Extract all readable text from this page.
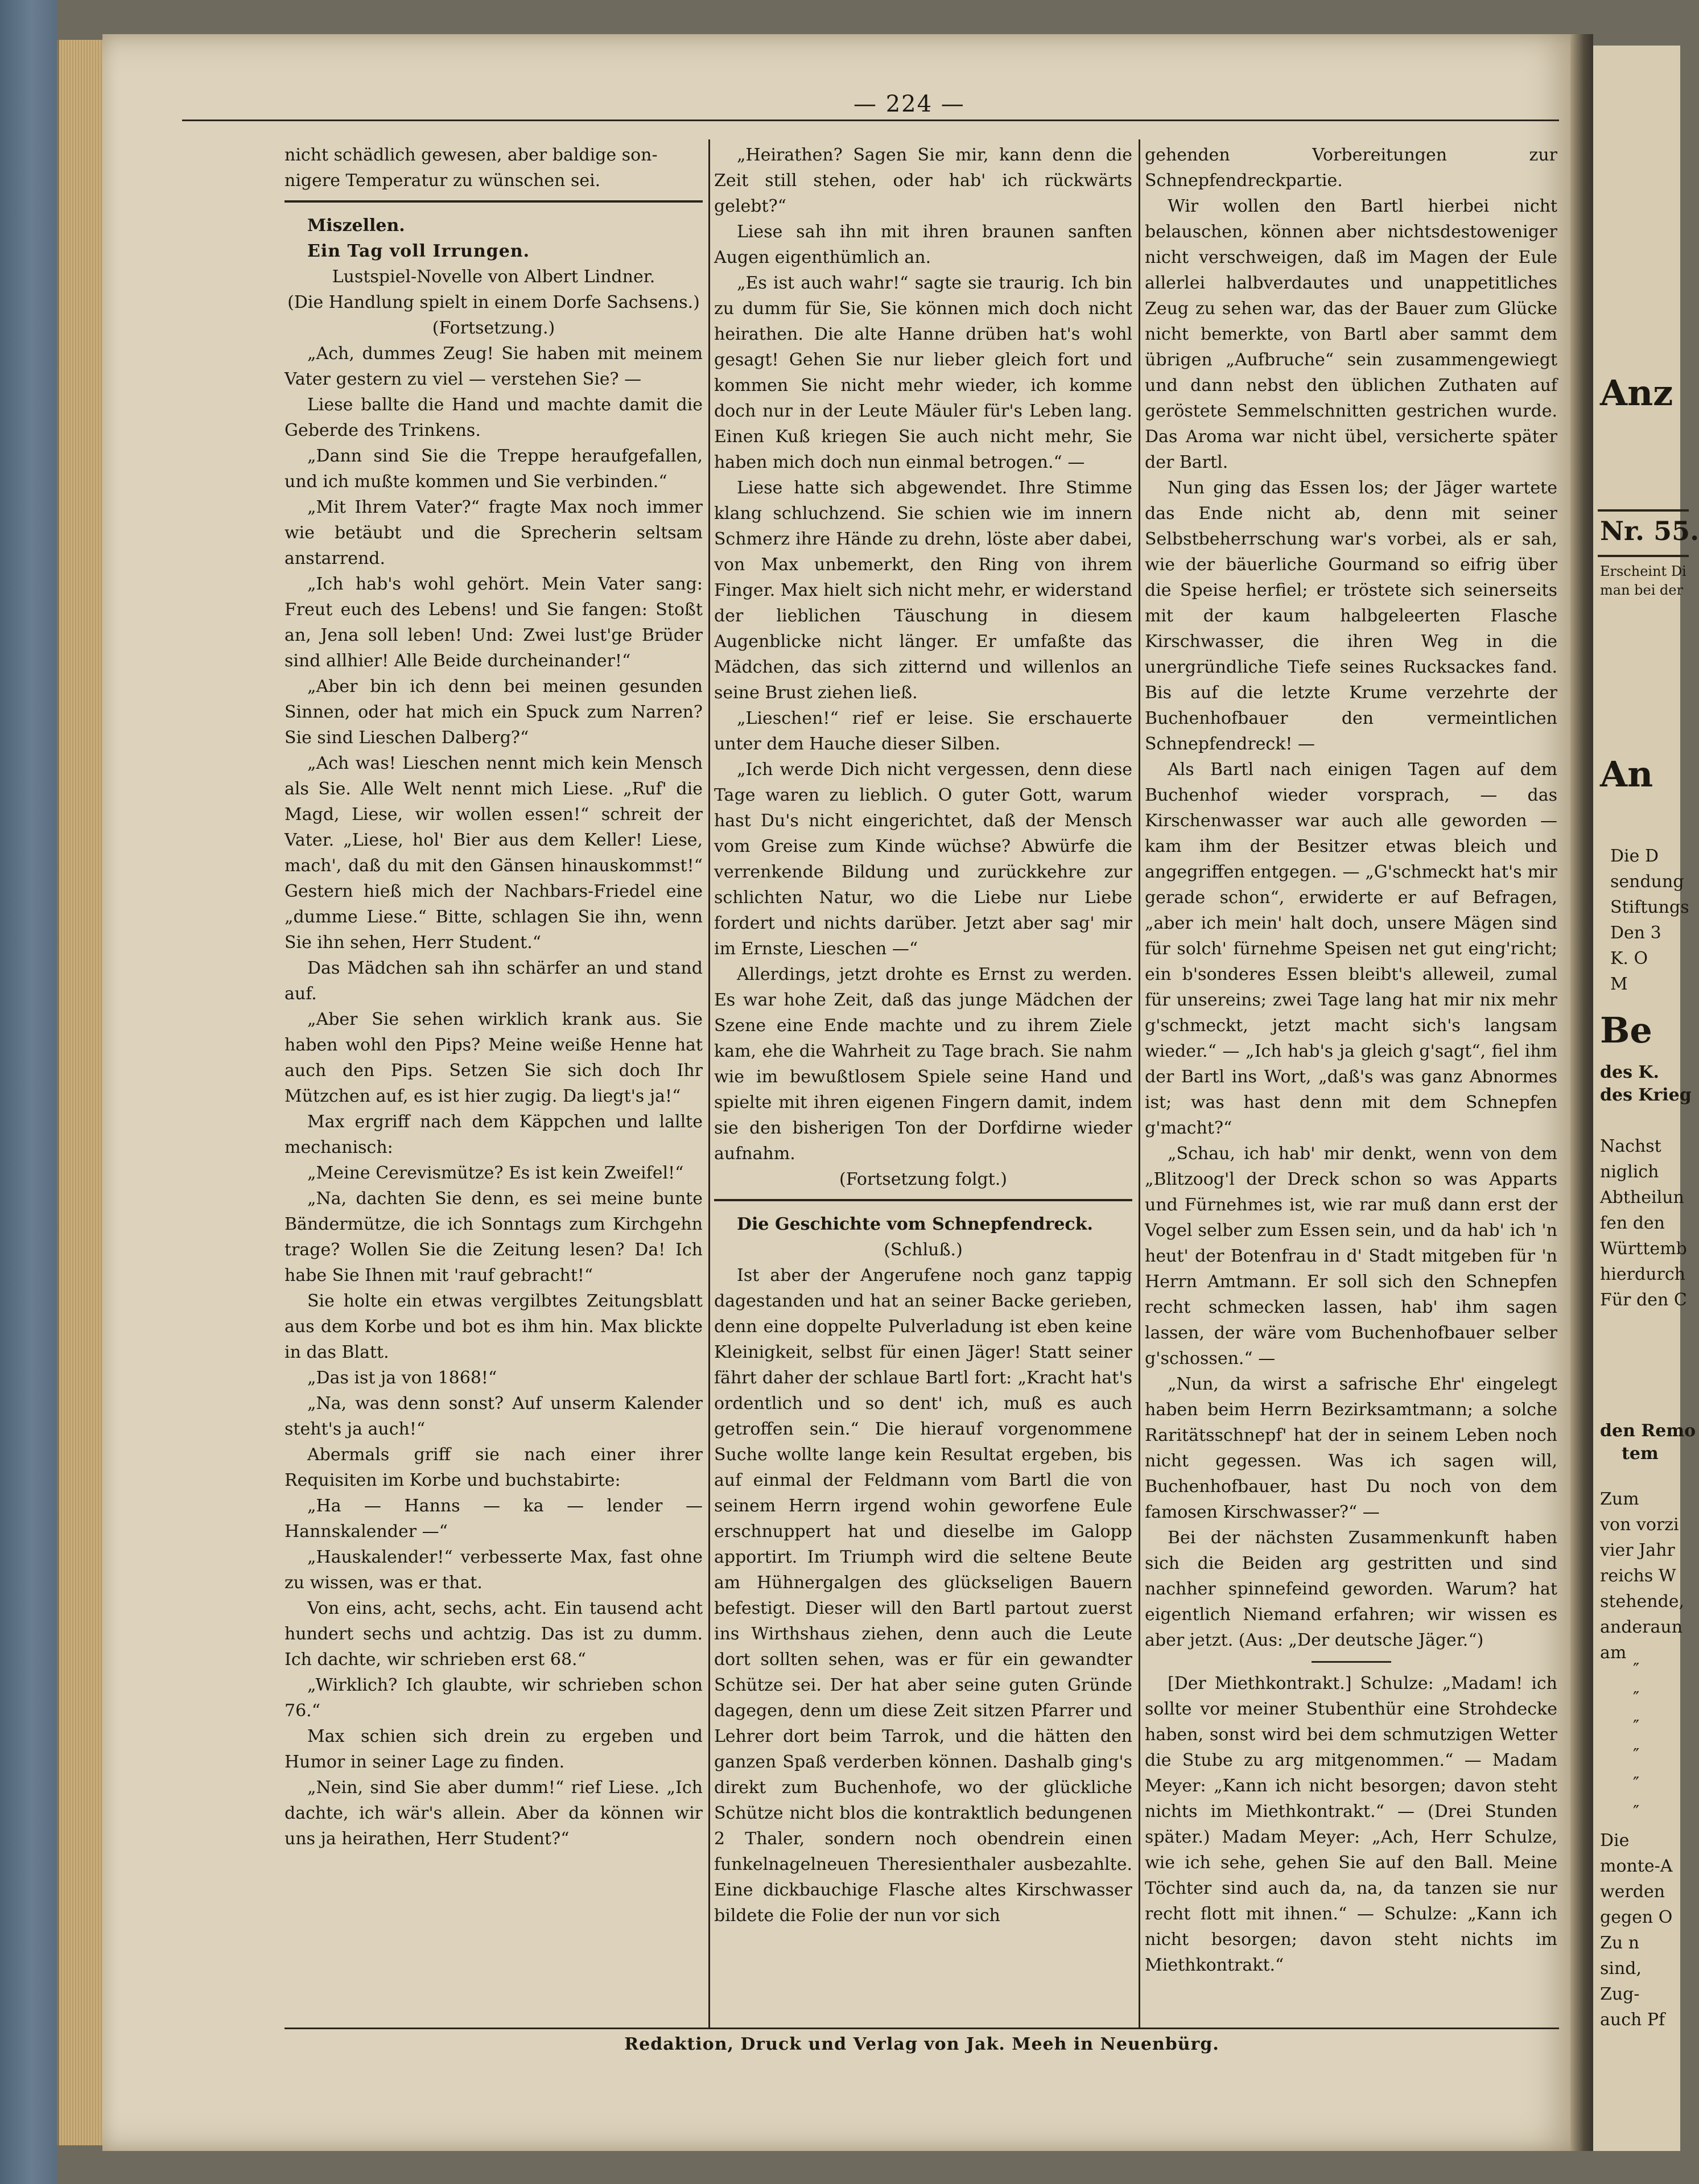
— 224 —

nicht schädlich gewesen, aber baldige son-

nigere Temperatur zu wünschen sei.

Miszellen.

Ein Tag voll Irrungen.

Lustspiel-Novelle von Albert Lindner.

(Die Handlung spielt in einem Dorfe Sachsens.)

(Fortsetzung.)

„Ach, dummes Zeug! Sie haben mit meinem Vater gestern zu viel — verstehen Sie? —

Liese ballte die Hand und machte damit die Geberde des Trinkens.

„Dann sind Sie die Treppe heraufgefallen, und ich mußte kommen und Sie verbinden.“

„Mit Ihrem Vater?“ fragte Max noch immer wie betäubt und die Sprecherin seltsam anstarrend.

„Ich hab's wohl gehört. Mein Vater sang: Freut euch des Lebens! und Sie fangen: Stoßt an, Jena soll leben! Und: Zwei lust'ge Brüder sind allhier! Alle Beide durcheinander!“

„Aber bin ich denn bei meinen gesunden Sinnen, oder hat mich ein Spuck zum Narren? Sie sind Lieschen Dalberg?“

„Ach was! Lieschen nennt mich kein Mensch als Sie. Alle Welt nennt mich Liese. „Ruf' die Magd, Liese, wir wollen essen!“ schreit der Vater. „Liese, hol' Bier aus dem Keller! Liese, mach', daß du mit den Gänsen hinauskommst!“ Gestern hieß mich der Nachbars-Friedel eine „dumme Liese.“ Bitte, schlagen Sie ihn, wenn Sie ihn sehen, Herr Student.“

Das Mädchen sah ihn schärfer an und stand auf.

„Aber Sie sehen wirklich krank aus. Sie haben wohl den Pips? Meine weiße Henne hat auch den Pips. Setzen Sie sich doch Ihr Mützchen auf, es ist hier zugig. Da liegt's ja!“

Max ergriff nach dem Käppchen und lallte mechanisch:

„Meine Cerevismütze? Es ist kein Zweifel!“

„Na, dachten Sie denn, es sei meine bunte Bändermütze, die ich Sonntags zum Kirchgehn trage? Wollen Sie die Zeitung lesen? Da! Ich habe Sie Ihnen mit 'rauf gebracht!“

Sie holte ein etwas vergilbtes Zeitungsblatt aus dem Korbe und bot es ihm hin. Max blickte in das Blatt.

„Das ist ja von 1868!“

„Na, was denn sonst? Auf unserm Kalender steht's ja auch!“

Abermals griff sie nach einer ihrer Requisiten im Korbe und buchstabirte:

„Ha — Hanns — ka — lender — Hannskalender —“

„Hauskalender!“ verbesserte Max, fast ohne zu wissen, was er that.

Von eins, acht, sechs, acht. Ein tausend acht hundert sechs und achtzig. Das ist zu dumm. Ich dachte, wir schrieben erst 68.“

„Wirklich? Ich glaubte, wir schrieben schon 76.“

Max schien sich drein zu ergeben und Humor in seiner Lage zu finden.

„Nein, sind Sie aber dumm!“ rief Liese. „Ich dachte, ich wär's allein. Aber da können wir uns ja heirathen, Herr Student?“

„Heirathen? Sagen Sie mir, kann denn die Zeit still stehen, oder hab' ich rückwärts gelebt?“

Liese sah ihn mit ihren braunen sanften Augen eigenthümlich an.

„Es ist auch wahr!“ sagte sie traurig. Ich bin zu dumm für Sie, Sie können mich doch nicht heirathen. Die alte Hanne drüben hat's wohl gesagt! Gehen Sie nur lieber gleich fort und kommen Sie nicht mehr wieder, ich komme doch nur in der Leute Mäuler für's Leben lang. Einen Kuß kriegen Sie auch nicht mehr, Sie haben mich doch nun einmal betrogen.“ —

Liese hatte sich abgewendet. Ihre Stimme klang schluchzend. Sie schien wie im innern Schmerz ihre Hände zu drehn, löste aber dabei, von Max unbemerkt, den Ring von ihrem Finger. Max hielt sich nicht mehr, er widerstand der lieblichen Täuschung in diesem Augenblicke nicht länger. Er umfaßte das Mädchen, das sich zitternd und willenlos an seine Brust ziehen ließ.

„Lieschen!“ rief er leise. Sie erschauerte unter dem Hauche dieser Silben.

„Ich werde Dich nicht vergessen, denn diese Tage waren zu lieblich. O guter Gott, warum hast Du's nicht eingerichtet, daß der Mensch vom Greise zum Kinde wüchse? Abwürfe die verrenkende Bildung und zurückkehre zur schlichten Natur, wo die Liebe nur Liebe fordert und nichts darüber. Jetzt aber sag' mir im Ernste, Lieschen —“

Allerdings, jetzt drohte es Ernst zu werden. Es war hohe Zeit, daß das junge Mädchen der Szene eine Ende machte und zu ihrem Ziele kam, ehe die Wahrheit zu Tage brach. Sie nahm wie im bewußtlosem Spiele seine Hand und spielte mit ihren eigenen Fingern damit, indem sie den bisherigen Ton der Dorfdirne wieder aufnahm.

(Fortsetzung folgt.)

Die Geschichte vom Schnepfendreck.

(Schluß.)

Ist aber der Angerufene noch ganz tappig dagestanden und hat an seiner Backe gerieben, denn eine doppelte Pulverladung ist eben keine Kleinigkeit, selbst für einen Jäger! Statt seiner fährt daher der schlaue Bartl fort: „Kracht hat's ordentlich und so dent' ich, muß es auch getroffen sein.“ Die hierauf vorgenommene Suche wollte lange kein Resultat ergeben, bis auf einmal der Feldmann vom Bartl die von seinem Herrn irgend wohin geworfene Eule erschnuppert hat und dieselbe im Galopp apportirt. Im Triumph wird die seltene Beute am Hühnergalgen des glückseligen Bauern befestigt. Dieser will den Bartl partout zuerst ins Wirthshaus ziehen, denn auch die Leute dort sollten sehen, was er für ein gewandter Schütze sei. Der hat aber seine guten Gründe dagegen, denn um diese Zeit sitzen Pfarrer und Lehrer dort beim Tarrok, und die hätten den ganzen Spaß verderben können. Dashalb ging's direkt zum Buchenhofe, wo der glückliche Schütze nicht blos die kontraktlich bedungenen 2 Thaler, sondern noch obendrein einen funkelnagelneuen Theresienthaler ausbezahlte. Eine dickbauchige Flasche altes Kirschwasser bildete die Folie der nun vor sich

gehenden Vorbereitungen zur Schnepfendreckpartie.

Wir wollen den Bartl hierbei nicht belauschen, können aber nichtsdestoweniger nicht verschweigen, daß im Magen der Eule allerlei halbverdautes und unappetitliches Zeug zu sehen war, das der Bauer zum Glücke nicht bemerkte, von Bartl aber sammt dem übrigen „Aufbruche“ sein zusammengewiegt und dann nebst den üblichen Zuthaten auf geröstete Semmelschnitten gestrichen wurde. Das Aroma war nicht übel, versicherte später der Bartl.

Nun ging das Essen los; der Jäger wartete das Ende nicht ab, denn mit seiner Selbstbeherrschung war's vorbei, als er sah, wie der bäuerliche Gourmand so eifrig über die Speise herfiel; er tröstete sich seinerseits mit der kaum halbgeleerten Flasche Kirschwasser, die ihren Weg in die unergründliche Tiefe seines Rucksackes fand. Bis auf die letzte Krume verzehrte der Buchenhofbauer den vermeintlichen Schnepfendreck! —

Als Bartl nach einigen Tagen auf dem Buchenhof wieder vorsprach, — das Kirschenwasser war auch alle geworden — kam ihm der Besitzer etwas bleich und angegriffen entgegen. — „G'schmeckt hat's mir gerade schon“, erwiderte er auf Befragen, „aber ich mein' halt doch, unsere Mägen sind für solch' fürnehme Speisen net gut eing'richt; ein b'sonderes Essen bleibt's alleweil, zumal für unsereins; zwei Tage lang hat mir nix mehr g'schmeckt, jetzt macht sich's langsam wieder.“ — „Ich hab's ja gleich g'sagt“, fiel ihm der Bartl ins Wort, „daß's was ganz Abnormes ist; was hast denn mit dem Schnepfen g'macht?“

„Schau, ich hab' mir denkt, wenn von dem „Blitzoog'l der Dreck schon so was Apparts und Fürnehmes ist, wie rar muß dann erst der Vogel selber zum Essen sein, und da hab' ich 'n heut' der Botenfrau in d' Stadt mitgeben für 'n Herrn Amtmann. Er soll sich den Schnepfen recht schmecken lassen, hab' ihm sagen lassen, der wäre vom Buchenhofbauer selber g'schossen.“ —

„Nun, da wirst a safrische Ehr' eingelegt haben beim Herrn Bezirksamtmann; a solche Raritätsschnepf' hat der in seinem Leben noch nicht gegessen. Was ich sagen will, Buchenhofbauer, hast Du noch von dem famosen Kirschwasser?“ —

Bei der nächsten Zusammenkunft haben sich die Beiden arg gestritten und sind nachher spinnefeind geworden. Warum? hat eigentlich Niemand erfahren; wir wissen es aber jetzt. (Aus: „Der deutsche Jäger.“)

[Der Miethkontrakt.] Schulze: „Madam! ich sollte vor meiner Stubenthür eine Strohdecke haben, sonst wird bei dem schmutzigen Wetter die Stube zu arg mitgenommen.“ — Madam Meyer: „Kann ich nicht besorgen; davon steht nichts im Miethkontrakt.“ — (Drei Stunden später.) Madam Meyer: „Ach, Herr Schulze, wie ich sehe, gehen Sie auf den Ball. Meine Töchter sind auch da, na, da tanzen sie nur recht flott mit ihnen.“ — Schulze: „Kann ich nicht besorgen; davon steht nichts im Miethkontrakt.“

Redaktion, Druck und Verlag von Jak. Meeh in Neuenbürg.
Anz
Nr. 55.
Erscheint Di
man bei der
An
Die D
sendung
Stiftungs
Den 3
K. O
M
Be
des K.
des Krieg
Nachst
niglich
Abtheilun
fen den
Württemb
hierdurch
Für den C
den Remo
tem
Zum
von vorzi
vier Jahr
reichs W
stehende,
anderaun
am
″
″
″
″
″
″
Die
monte-A
werden
gegen O
Zu n
sind,
Zug-
auch Pf
